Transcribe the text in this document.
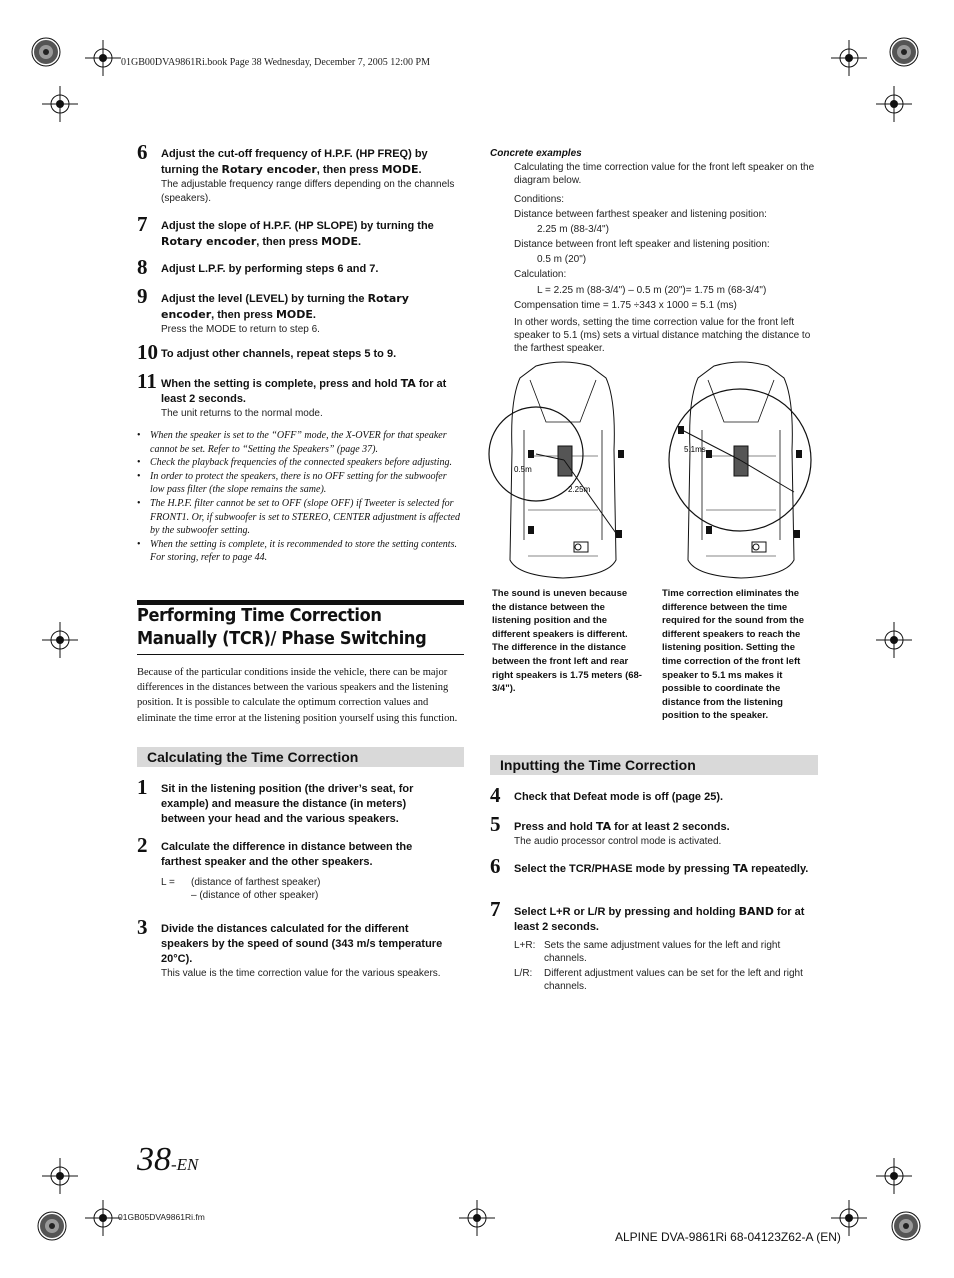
01GB00DVA9861Ri.book Page 38 Wednesday, December 7, 2005 12:00 PM
6	Adjust the cut-off frequency of H.P.F. (HP FREQ) by turning the Rotary encoder, then press MODE.
The adjustable frequency range differs depending on the channels (speakers).
7	Adjust the slope of H.P.F. (HP SLOPE) by turning the Rotary encoder, then press MODE.
8	Adjust L.P.F. by performing steps 6 and 7.
9	Adjust the level (LEVEL) by turning the Rotary encoder, then press MODE.
Press the MODE to return to step 6.
10 To adjust other channels, repeat steps 5 to 9.
11 When the setting is complete, press and hold TA for at least 2 seconds.
The unit returns to the normal mode.
• When the speaker is set to the “OFF” mode, the X-OVER for that speaker cannot be set. Refer to “Setting the Speakers” (page 37).
• Check the playback frequencies of the connected speakers before adjusting.
• In order to protect the speakers, there is no OFF setting for the subwoofer low pass filter (the slope remains the same).
• The H.P.F. filter cannot be set to OFF (slope OFF) if Tweeter is selected for FRONT1. Or, if subwoofer is set to STEREO, CENTER adjustment is affected by the subwoofer setting.
• When the setting is complete, it is recommended to store the setting contents. For storing, refer to page 44.
Performing Time Correction Manually (TCR)/ Phase Switching
Because of the particular conditions inside the vehicle, there can be major differences in the distances between the various speakers and the listening position. It is possible to calculate the optimum correction values and eliminate the time error at the listening position yourself using this function.
Calculating the Time Correction
1	Sit in the listening position (the driver’s seat, for example) and measure the distance (in meters) between your head and the various speakers.
2	Calculate the difference in distance between the farthest speaker and the other speakers.
3	Divide the distances calculated for the different speakers by the speed of sound (343 m/s temperature 20°C).
This value is the time correction value for the various speakers.
L =	(distance of farthest speaker)
– (distance of other speaker)
Concrete examples
Calculating the time correction value for the front left speaker on the diagram below.
Conditions:
Distance between farthest speaker and listening position:
2.25 m (88-3/4")
Distance between front left speaker and listening position:
0.5 m (20")
Calculation:
L = 2.25 m (88-3/4") – 0.5 m (20")= 1.75 m (68-3/4")
Compensation time = 1.75 ÷343 x 1000 = 5.1 (ms)
In other words, setting the time correction value for the front left speaker to 5.1 (ms) sets a virtual distance matching the distance to the farthest speaker.
0.5m
2.25m
5.1ms
The sound is uneven because the distance between the listening position and the different speakers is different. The difference in the distance between the front left and rear right speakers is 1.75 meters (68-3/4").
Time correction eliminates the difference between the time required for the sound from the different speakers to reach the listening position. Setting the time correction of the front left speaker to 5.1 ms makes it possible to coordinate the distance from the listening position to the speaker.
Inputting the Time Correction
4	Check that Defeat mode is off (page 25).
5	Press and hold TA for at least 2 seconds.
The audio processor control mode is activated.
6	Select the TCR/PHASE mode by pressing TA repeatedly.
7	Select L+R or L/R by pressing and holding BAND for at least 2 seconds.
L+R: Sets the same adjustment values for the left and right channels.
L/R:	Different adjustment values can be set for the left and right channels.
38-EN
01GB05DVA9861Ri.fm
ALPINE DVA-9861Ri 68-04123Z62-A (EN)
